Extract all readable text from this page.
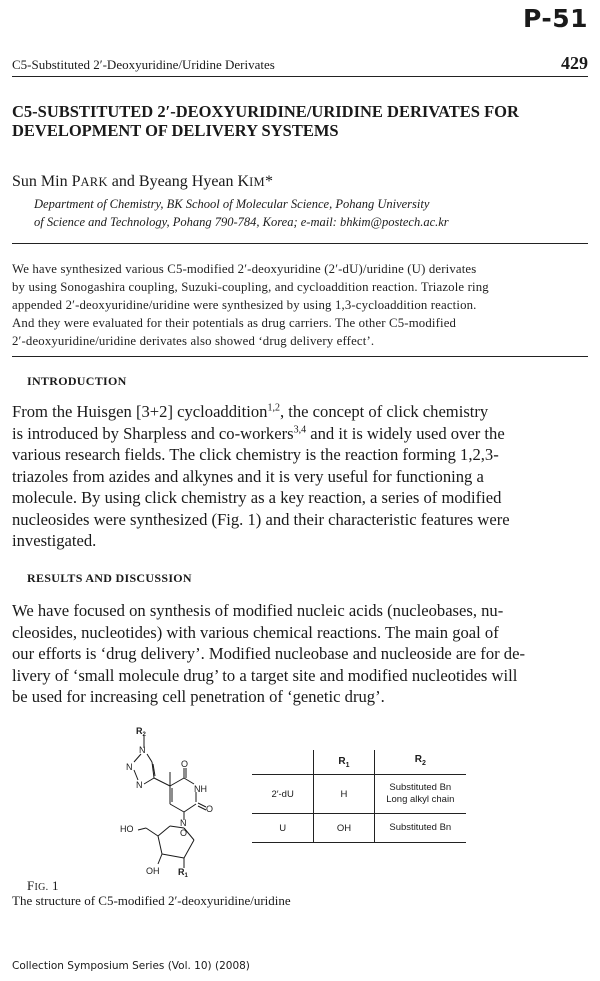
P-51
C5-Substituted 2′-Deoxyuridine/Uridine Derivates	429
C5-SUBSTITUTED 2′-DEOXYURIDINE/URIDINE DERIVATES FOR
DEVELOPMENT OF DELIVERY SYSTEMS
Sun Min PARK and Byeang Hyean KIM*
Department of Chemistry, BK School of Molecular Science, Pohang University
of Science and Technology, Pohang 790-784, Korea; e-mail: bhkim@postech.ac.kr
We have synthesized various C5-modified 2′-deoxyuridine (2′-dU)/uridine (U) derivates
by using Sonogashira coupling, Suzuki-coupling, and cycloaddition reaction. Triazole ring
appended 2′-deoxyuridine/uridine were synthesized by using 1,3-cycloaddition reaction.
And they were evaluated for their potentials as drug carriers. The other C5-modified
2′-deoxyuridine/uridine derivates also showed ‘drug delivery effect’.
INTRODUCTION
From the Huisgen [3+2] cycloaddition$^{1,2}$, the concept of click chemistry
is introduced by Sharpless and co-workers$^{3,4}$ and it is widely used over the
various research fields. The click chemistry is the reaction forming 1,2,3-
triazoles from azides and alkynes and it is very useful for functioning a
molecule. By using click chemistry as a key reaction, a series of modified
nucleosides were synthesized (Fig. 1) and their characteristic features were
investigated.
RESULTS AND DISCUSSION
We have focused on synthesis of modified nucleic acids (nucleobases, nu-
cleosides, nucleotides) with various chemical reactions. The main goal of
our efforts is ‘drug delivery’. Modified nucleobase and nucleoside are for de-
livery of ‘small molecule drug’ to a target site and modified nucleotides will
be used for increasing cell penetration of ‘genetic drug’.
$R_2$
N
N
N
O
NH
O
N
O
HO
OH $R_1$
	$R_1$	$R_2$
2′-dU	H	Substituted Bn
Long alkyl chain
U	OH	Substituted Bn
FIG. 1
The structure of C5-modified 2′-deoxyuridine/uridine
Collection Symposium Series (Vol. 10) (2008)
